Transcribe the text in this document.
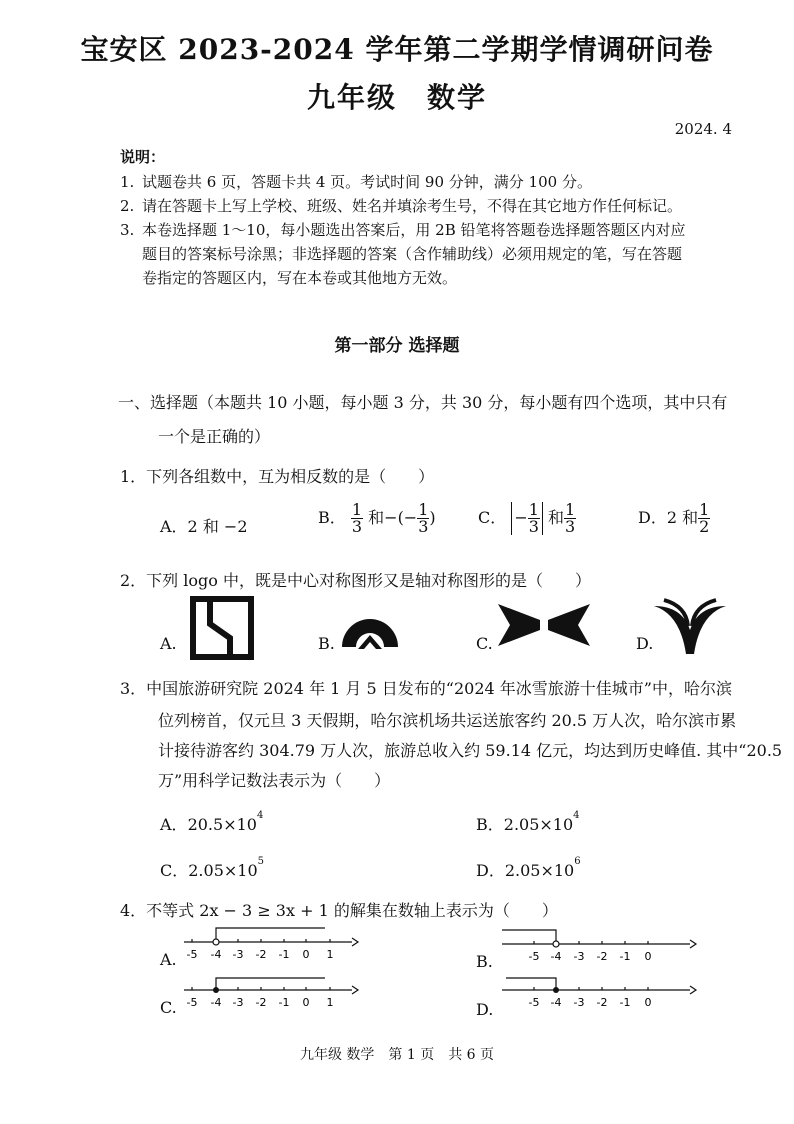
宝安区 2023-2024 学年第二学期学情调研问卷
九年级　数学
2024. 4
说明：
1. 试题卷共 6 页，答题卡共 4 页。考试时间 90 分钟，满分 100 分。
2. 请在答题卡上写上学校、班级、姓名并填涂考生号，不得在其它地方作任何标记。
3. 本卷选择题 1～10，每小题选出答案后，用 2B 铅笔将答题卷选择题答题区内对应
题目的答案标号涂黑；非选择题的答案（含作辅助线）必须用规定的笔，写在答题
卷指定的答题区内，写在本卷或其他地方无效。
第一部分 选择题
一、选择题（本题共 10 小题，每小题 3 分，共 30 分，每小题有四个选项，其中只有
一个是正确的）
1．下列各组数中，互为相反数的是（　　）
A．2 和 −2	B． $\frac{1}{3}$ 和−(− $\frac{1}{3}$ )	C． − $\frac{1}{3}$ 和 $\frac{1}{3}$	D．2 和 $\frac{1}{2}$
2．下列 logo 中，既是中心对称图形又是轴对称图形的是（　　）
A.	B.	C.	D.
3．中国旅游研究院 2024 年 1 月 5 日发布的“2024 年冰雪旅游十佳城市”中，哈尔滨
位列榜首，仅元旦 3 天假期，哈尔滨机场共运送旅客约 20.5 万人次，哈尔滨市累
计接待游客约 304.79 万人次，旅游总收入约 59.14 亿元，均达到历史峰值. 其中“20.5
万”用科学记数法表示为（　　）
A．$20.5\times 10^4$	B．$2.05\times 10^4$
C．$2.05\times 10^5$	D．$2.05\times 10^6$
4．不等式 2x − 3 ≥ 3x + 1 的解集在数轴上表示为（　　）
A. -5 -4 -3 -2 -1 0 1	B.	-5 -4 -3 -2 -1 0
C. -5 -4 -3 -2 -1 0 1	D.	-5 -4 -3 -2 -1 0
九年级 数学　第 1 页　共 6 页
